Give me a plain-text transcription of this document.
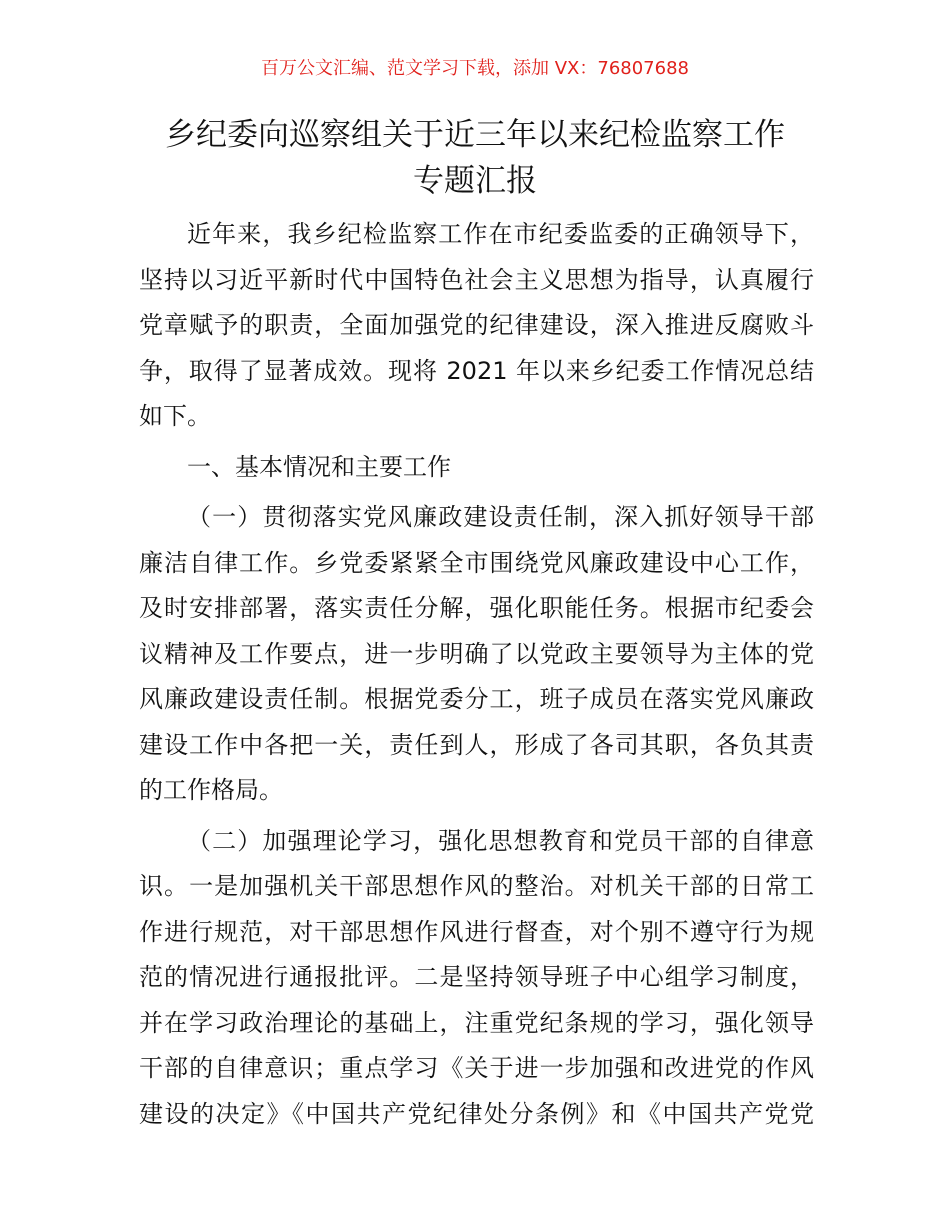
百万公文汇编、范文学习下载，添加 VX：76807688
乡纪委向巡察组关于近三年以来纪检监察工作
专题汇报
近年来，我乡纪检监察工作在市纪委监委的正确领导下，
坚持以习近平新时代中国特色社会主义思想为指导，认真履行
党章赋予的职责，全面加强党的纪律建设，深入推进反腐败斗
争，取得了显著成效。现将 2021 年以来乡纪委工作情况总结
如下。
一、基本情况和主要工作
（一）贯彻落实党风廉政建设责任制，深入抓好领导干部
廉洁自律工作。乡党委紧紧全市围绕党风廉政建设中心工作，
及时安排部署，落实责任分解，强化职能任务。根据市纪委会
议精神及工作要点，进一步明确了以党政主要领导为主体的党
风廉政建设责任制。根据党委分工，班子成员在落实党风廉政
建设工作中各把一关，责任到人，形成了各司其职，各负其责
的工作格局。
（二）加强理论学习，强化思想教育和党员干部的自律意
识。一是加强机关干部思想作风的整治。对机关干部的日常工
作进行规范，对干部思想作风进行督查，对个别不遵守行为规
范的情况进行通报批评。二是坚持领导班子中心组学习制度，
并在学习政治理论的基础上，注重党纪条规的学习，强化领导
干部的自律意识；重点学习《关于进一步加强和改进党的作风
建设的决定》《中国共产党纪律处分条例》和《中国共产党党
